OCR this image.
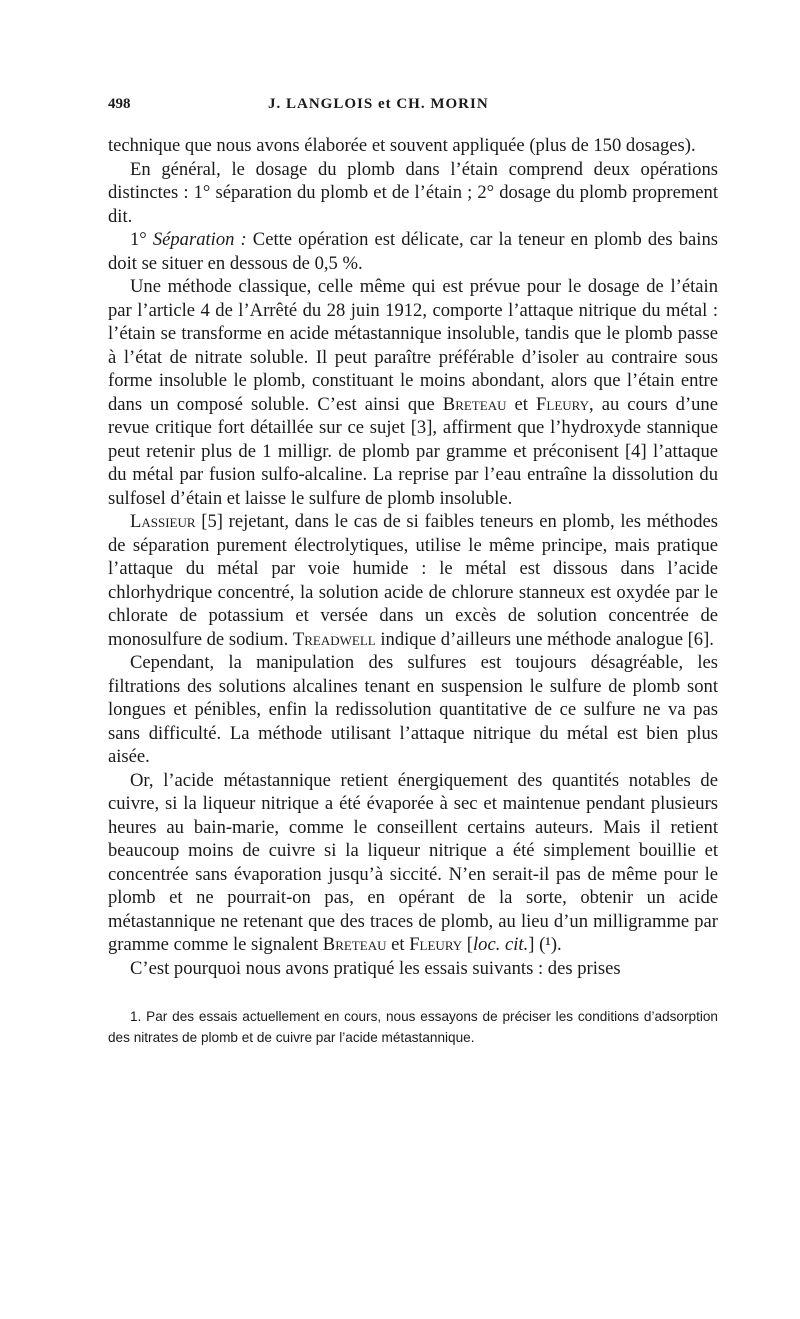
498	J. LANGLOIS et CH. MORIN

technique que nous avons élaborée et souvent appliquée (plus de 150 dosages).

En général, le dosage du plomb dans l’étain comprend deux opérations distinctes : 1° séparation du plomb et de l’étain ; 2° dosage du plomb proprement dit.

1° Séparation : Cette opération est délicate, car la teneur en plomb des bains doit se situer en dessous de 0,5 %.

Une méthode classique, celle même qui est prévue pour le dosage de l’étain par l’article 4 de l’Arrêté du 28 juin 1912, comporte l’attaque nitrique du métal : l’étain se transforme en acide métastannique insoluble, tandis que le plomb passe à l’état de nitrate soluble. Il peut paraître préférable d’isoler au contraire sous forme insoluble le plomb, constituant le moins abondant, alors que l’étain entre dans un composé soluble. C’est ainsi que Breteau et Fleury, au cours d’une revue critique fort détaillée sur ce sujet [3], affirment que l’hydroxyde stannique peut retenir plus de 1 milligr. de plomb par gramme et préconisent [4] l’attaque du métal par fusion sulfo-alcaline. La reprise par l’eau entraîne la dissolution du sulfosel d’étain et laisse le sulfure de plomb insoluble.

Lassieur [5] rejetant, dans le cas de si faibles teneurs en plomb, les méthodes de séparation purement électrolytiques, utilise le même principe, mais pratique l’attaque du métal par voie humide : le métal est dissous dans l’acide chlorhydrique concentré, la solution acide de chlorure stanneux est oxydée par le chlorate de potassium et versée dans un excès de solution concentrée de monosulfure de sodium. Treadwell indique d’ailleurs une méthode analogue [6].

Cependant, la manipulation des sulfures est toujours désagréable, les filtrations des solutions alcalines tenant en suspension le sulfure de plomb sont longues et pénibles, enfin la redissolution quantitative de ce sulfure ne va pas sans difficulté. La méthode utilisant l’attaque nitrique du métal est bien plus aisée.

Or, l’acide métastannique retient énergiquement des quantités notables de cuivre, si la liqueur nitrique a été évaporée à sec et maintenue pendant plusieurs heures au bain-marie, comme le conseillent certains auteurs. Mais il retient beaucoup moins de cuivre si la liqueur nitrique a été simplement bouillie et concentrée sans évaporation jusqu’à siccité. N’en serait-il pas de même pour le plomb et ne pourrait-on pas, en opérant de la sorte, obtenir un acide métastannique ne retenant que des traces de plomb, au lieu d’un milligramme par gramme comme le signalent Breteau et Fleury [loc. cit.] (¹).

C’est pourquoi nous avons pratiqué les essais suivants : des prises

1. Par des essais actuellement en cours, nous essayons de préciser les conditions d’adsorption des nitrates de plomb et de cuivre par l’acide métastannique.
